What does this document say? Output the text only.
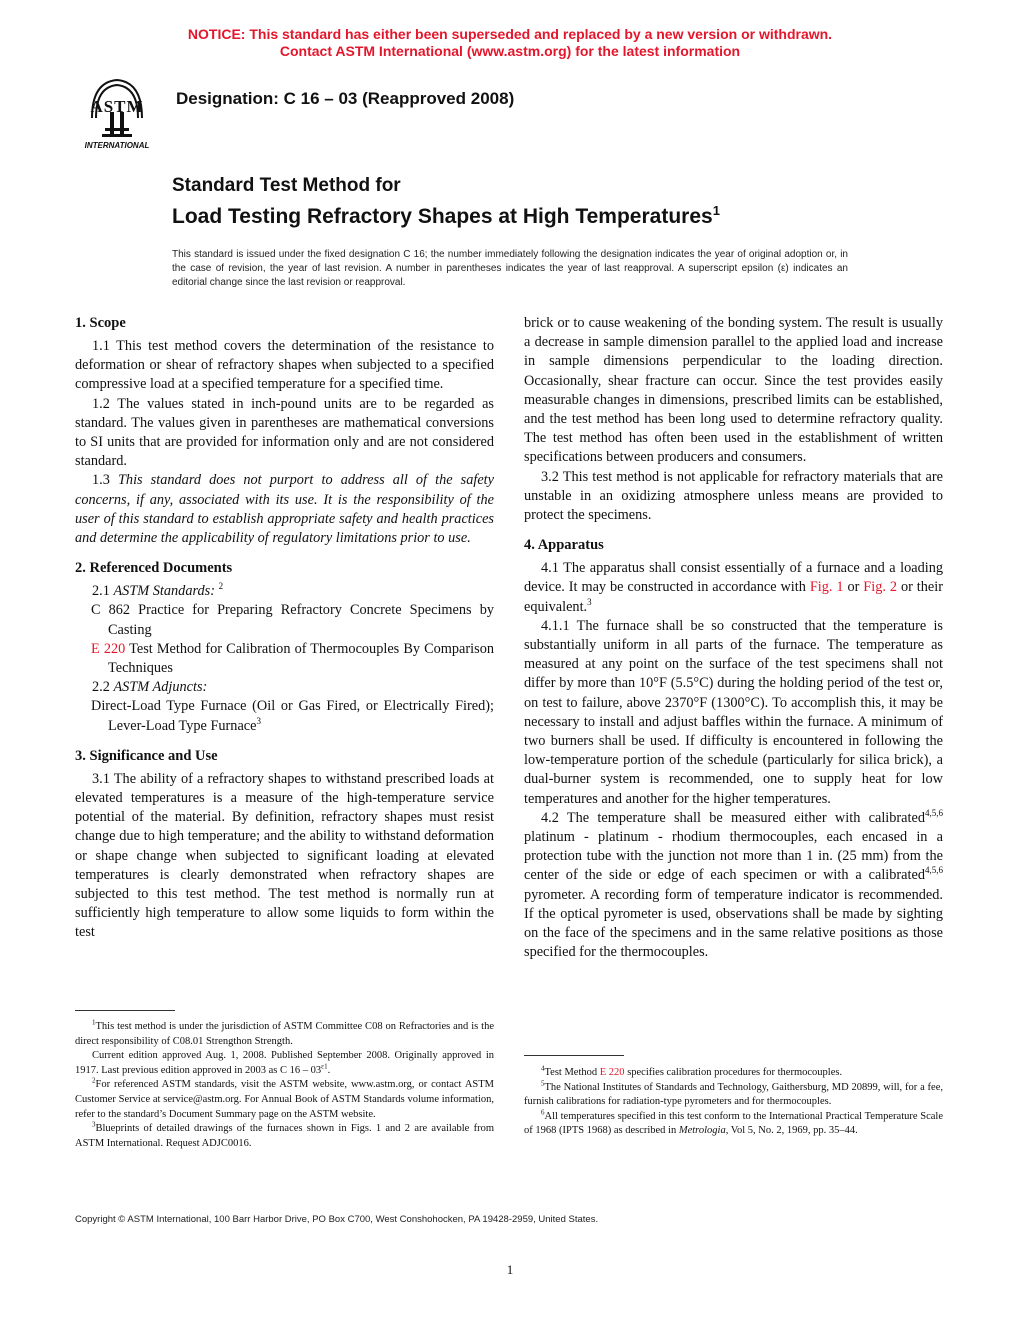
NOTICE: This standard has either been superseded and replaced by a new version or withdrawn.
Contact ASTM International (www.astm.org) for the latest information
ASTM
INTERNATIONAL
Designation: C 16 – 03 (Reapproved 2008)
Standard Test Method for
Load Testing Refractory Shapes at High Temperatures$^1$
This standard is issued under the fixed designation C 16; the number immediately following the designation indicates the year of original adoption or, in the case of revision, the year of last revision. A number in parentheses indicates the year of last reapproval. A superscript epsilon (ε) indicates an editorial change since the last revision or reapproval.
1. Scope

1.1 This test method covers the determination of the resistance to deformation or shear of refractory shapes when subjected to a specified compressive load at a specified temperature for a specified time.

1.2 The values stated in inch-pound units are to be regarded as standard. The values given in parentheses are mathematical conversions to SI units that are provided for information only and are not considered standard.

1.3 This standard does not purport to address all of the safety concerns, if any, associated with its use. It is the responsibility of the user of this standard to establish appropriate safety and health practices and determine the applicability of regulatory limitations prior to use.

2. Referenced Documents

2.1 ASTM Standards: $^2$

C 862 Practice for Preparing Refractory Concrete Specimens by Casting

E 220 Test Method for Calibration of Thermocouples By Comparison Techniques

2.2 ASTM Adjuncts:

Direct-Load Type Furnace (Oil or Gas Fired, or Electrically Fired); Lever-Load Type Furnace$^3$

3. Significance and Use

3.1 The ability of a refractory shapes to withstand prescribed loads at elevated temperatures is a measure of the high-temperature service potential of the material. By definition, refractory shapes must resist change due to high temperature; and the ability to withstand deformation or shape change when subjected to significant loading at elevated temperatures is clearly demonstrated when refractory shapes are subjected to this test method. The test method is normally run at sufficiently high temperature to allow some liquids to form within the test

brick or to cause weakening of the bonding system. The result is usually a decrease in sample dimension parallel to the applied load and increase in sample dimensions perpendicular to the loading direction. Occasionally, shear fracture can occur. Since the test provides easily measurable changes in dimensions, prescribed limits can be established, and the test method has been long used to determine refractory quality. The test method has often been used in the establishment of written specifications between producers and consumers.

3.2 This test method is not applicable for refractory materials that are unstable in an oxidizing atmosphere unless means are provided to protect the specimens.

4. Apparatus

4.1 The apparatus shall consist essentially of a furnace and a loading device. It may be constructed in accordance with Fig. 1 or Fig. 2 or their equivalent.$^3$

4.1.1 The furnace shall be so constructed that the temperature is substantially uniform in all parts of the furnace. The temperature as measured at any point on the surface of the test specimens shall not differ by more than 10°F (5.5°C) during the holding period of the test or, on test to failure, above 2370°F (1300°C). To accomplish this, it may be necessary to install and adjust baffles within the furnace. A minimum of two burners shall be used. If difficulty is encountered in following the low-temperature portion of the schedule (particularly for silica brick), a dual-burner system is recommended, one to supply heat for low temperatures and another for the higher temperatures.

4.2 The temperature shall be measured either with calibrated$^{4,5,6}$ platinum - platinum - rhodium thermocouples, each encased in a protection tube with the junction not more than 1 in. (25 mm) from the center of the side or edge of each specimen or with a calibrated$^{4,5,6}$ pyrometer. A recording form of temperature indicator is recommended. If the optical pyrometer is used, observations shall be made by sighting on the face of the specimens and in the same relative positions as those specified for the thermocouples.

$^1$This test method is under the jurisdiction of ASTM Committee C08 on Refractories and is the direct responsibility of C08.01 Strengthon Strength.

Current edition approved Aug. 1, 2008. Published September 2008. Originally approved in 1917. Last previous edition approved in 2003 as C $16 - 03^{\varepsilon 1}$.

$^2$For referenced ASTM standards, visit the ASTM website, www.astm.org, or contact ASTM Customer Service at service@astm.org. For Annual Book of ASTM Standards volume information, refer to the standard’s Document Summary page on the ASTM website.

$^3$Blueprints of detailed drawings of the furnaces shown in Figs. 1 and 2 are available from ASTM International. Request ADJC0016.

$^4$Test Method E 220 specifies calibration procedures for thermocouples.

$^5$The National Institutes of Standards and Technology, Gaithersburg, MD 20899, will, for a fee, furnish calibrations for radiation-type pyrometers and for thermocouples.

$^6$All temperatures specified in this test conform to the International Practical Temperature Scale of 1968 (IPTS 1968) as described in Metrologia, Vol 5, No. 2, 1969, pp. 35–44.

Copyright © ASTM International, 100 Barr Harbor Drive, PO Box C700, West Conshohocken, PA 19428-2959, United States.
1
